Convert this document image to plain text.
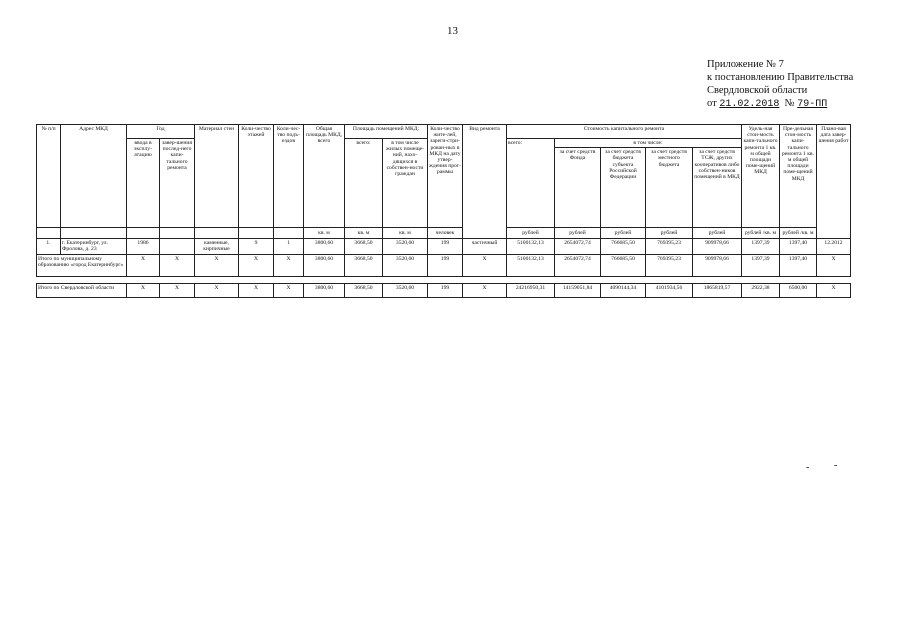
13
Приложение № 7
к постановлению Правительства
Свердловской области
от 21.02.2018 № 79-ПП
№ п/п	Адрес МКД	Год		Материал стен	Коли-чество этажей	Коли-чес-тво подъ-ездов	Общая площадь МКД, всего	Площадь помещений МКД:		Коли-чество жите-лей, зареги-стри-рован-ных в МКД на дату утвер-ждения прог-раммы	Вид ремонта	Стоимость капитального ремонта					Удель-ная стои-мость капи-тального ремонта 1 кв. м общей площади поме-щений МКД	Пре-дельная стои-мость капи-тального ремонта 1 кв. м общей площади поме-щений МКД	Плано-вая дата завер-шения работ
		ввода в эксплу-атацию	завер-шения послед-него капи-тального ремонта					всего:	в том числе жилых помеще-ний, нахо-дящихся в собствен-ности граждан			всего:	в том числе:						
													за счет средств Фонда	за счет средств бюджета субъекта Российской Федерации	за счет средств местного бюджета	за счет средств ТСЖ, других кооперативов либо собствен-ников помещений в МКД			
							кв. м	кв. м	кв. м	человек		рублей	рублей	рублей	рублей	рублей	рублей /кв. м	рублей /кв. м	
1.	г. Екатеринбург, ул. Фролова, д. 23	1986		каменные, кирпичные	9	1	3800,60	3668,50	3520,60	199	частичный	5100132,13	2654072,74	766685,50	769395,23	909978,66	1397,39	1397,40	12.2012
Итого по муниципальному образованию «город Екатеринбург»		X	X	X	X	X	3800,60	3668,50	3520,60	199	X	5100132,13	2654072,74	766685,50	769395,23	909978,66	1397,39	1397,40	X

Итого по Свердловской области		X	X	X	X	X	3800,60	3668,50	3520,60	199	X	24216950,31	14159051,84	4090144,34	4101934,56	1865819,57	2922,38	6500,00	X
- -
